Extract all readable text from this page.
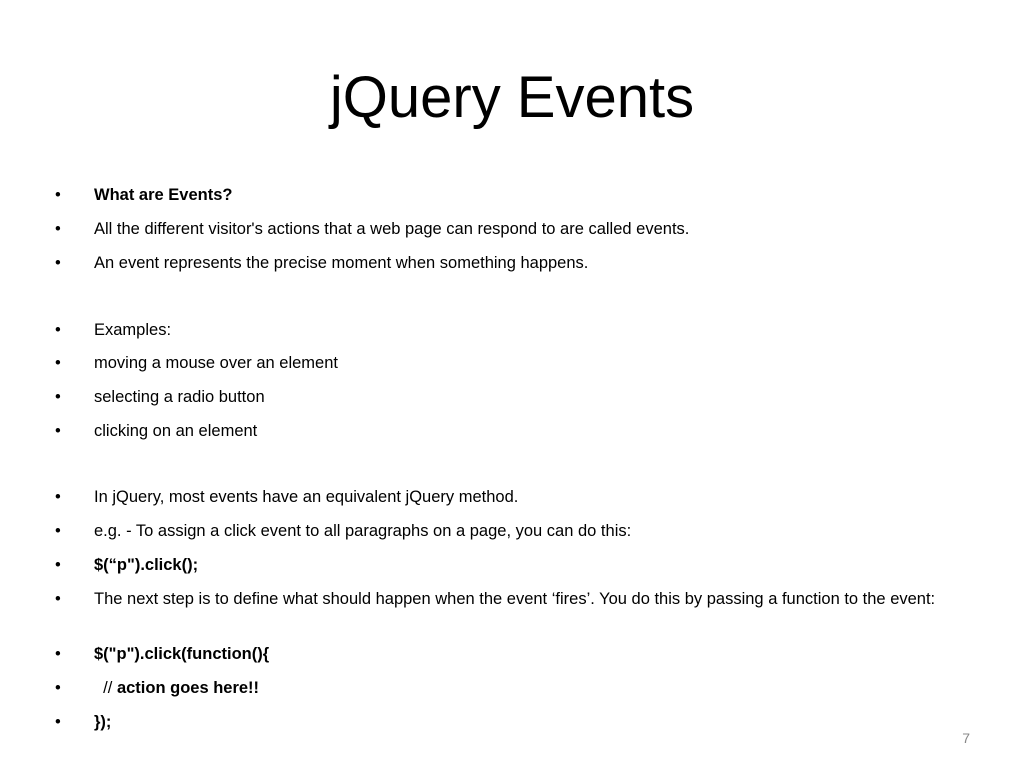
jQuery Events
•	What are Events?
•	All the different visitor's actions that a web page can respond to are called events.
•	An event represents the precise moment when something happens.
•	Examples:
•	moving a mouse over an element
•	selecting a radio button
•	clicking on an element
•	In jQuery, most events have an equivalent jQuery method.
•	e.g. - To assign a click event to all paragraphs on a page, you can do this:
•	$(“p").click();
•	The next step is to define what should happen when the event ‘fires’. You do this by passing a function to the event:
•	$("p").click(function(){
•	// action goes here!!
•	});
7
